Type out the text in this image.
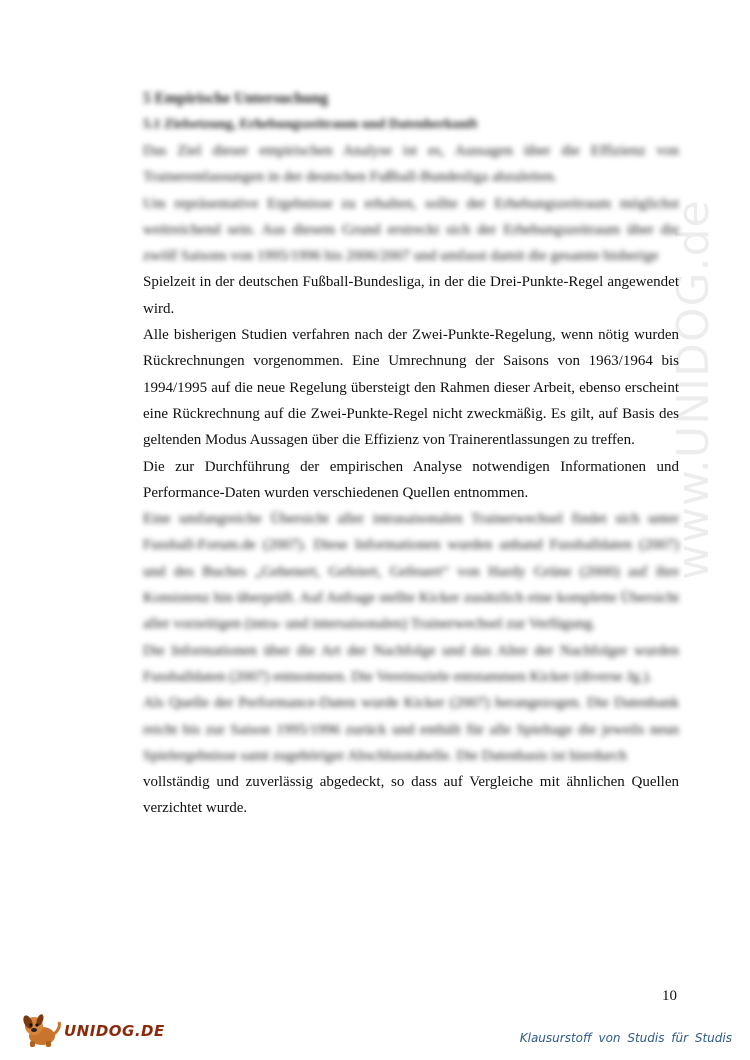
www.UNIDOG.de
5 Empirische Untersuchung
5.1 Zielsetzung, Erhebungszeitraum und Datenherkunft

Das Ziel dieser empirischen Analyse ist es, Aussagen über die Effizienz von Trainerentlassungen in der deutschen Fußball-Bundesliga abzuleiten.

Um repräsentative Ergebnisse zu erhalten, sollte der Erhebungszeitraum möglichst weitreichend sein. Aus diesem Grund erstreckt sich der Erhebungszeitraum über die zwölf Saisons von 1995/1996 bis 2006/2007 und umfasst damit die gesamte bisherige

Spielzeit in der deutschen Fußball-Bundesliga, in der die Drei-Punkte-Regel angewendet wird.

Alle bisherigen Studien verfahren nach der Zwei-Punkte-Regelung, wenn nötig wurden Rückrechnungen vorgenommen. Eine Umrechnung der Saisons von 1963/1964 bis 1994/1995 auf die neue Regelung übersteigt den Rahmen dieser Arbeit, ebenso erscheint eine Rückrechnung auf die Zwei-Punkte-Regel nicht zweckmäßig. Es gilt, auf Basis des geltenden Modus Aussagen über die Effizienz von Trainerentlassungen zu treffen.

Die zur Durchführung der empirischen Analyse notwendigen Informationen und Performance-Daten wurden verschiedenen Quellen entnommen.

Eine umfangreiche Übersicht aller intrasaisonalen Trainerwechsel findet sich unter Fussball-Forum.de (2007). Diese Informationen wurden anhand Fussballdaten (2007) und des Buches „Gehenert, Gefeiert, Gefeuert“ von Hardy Grüne (2000) auf ihre Konsistenz hin überprüft. Auf Anfrage stellte Kicker zusätzlich eine komplette Übersicht aller vorzeitigen (intra- und intersaisonalen) Trainerwechsel zur Verfügung.

Die Informationen über die Art der Nachfolge und das Alter der Nachfolger wurden Fussballdaten (2007) entnommen. Die Vereinsziele entstammen Kicker (diverse Jg.).

Als Quelle der Performance-Daten wurde Kicker (2007) herangezogen. Die Datenbank reicht bis zur Saison 1995/1996 zurück und enthält für alle Spieltage die jeweils neun Spielergebnisse samt zugehöriger Abschlusstabelle. Die Datenbasis ist hierdurch

vollständig und zuverlässig abgedeckt, so dass auf Vergleiche mit ähnlichen Quellen verzichtet wurde.

10
UNIDOG.DE	Klausurstoff von Studis für Studis
